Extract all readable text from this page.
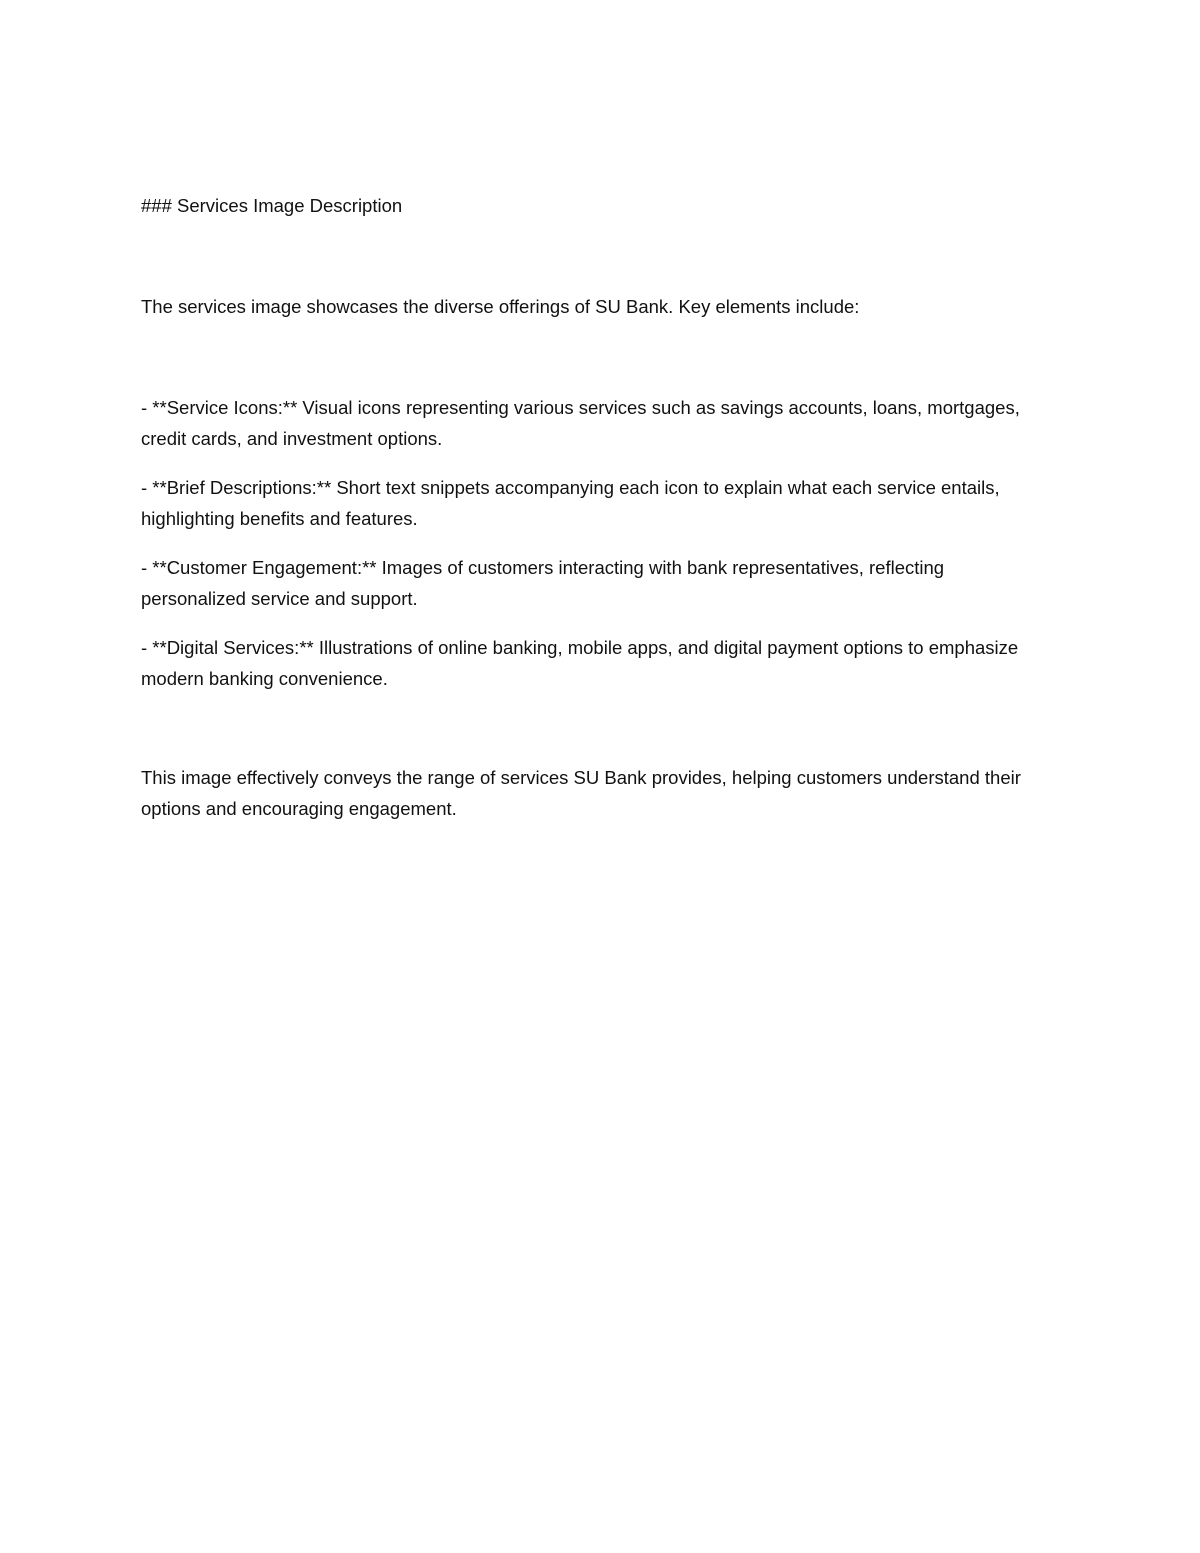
### Services Image Description

The services image showcases the diverse offerings of SU Bank. Key elements include:

- **Service Icons:** Visual icons representing various services such as savings accounts, loans, mortgages, credit cards, and investment options.

- **Brief Descriptions:** Short text snippets accompanying each icon to explain what each service entails, highlighting benefits and features.

- **Customer Engagement:** Images of customers interacting with bank representatives, reflecting personalized service and support.

- **Digital Services:** Illustrations of online banking, mobile apps, and digital payment options to emphasize modern banking convenience.

This image effectively conveys the range of services SU Bank provides, helping customers understand their options and encouraging engagement.
